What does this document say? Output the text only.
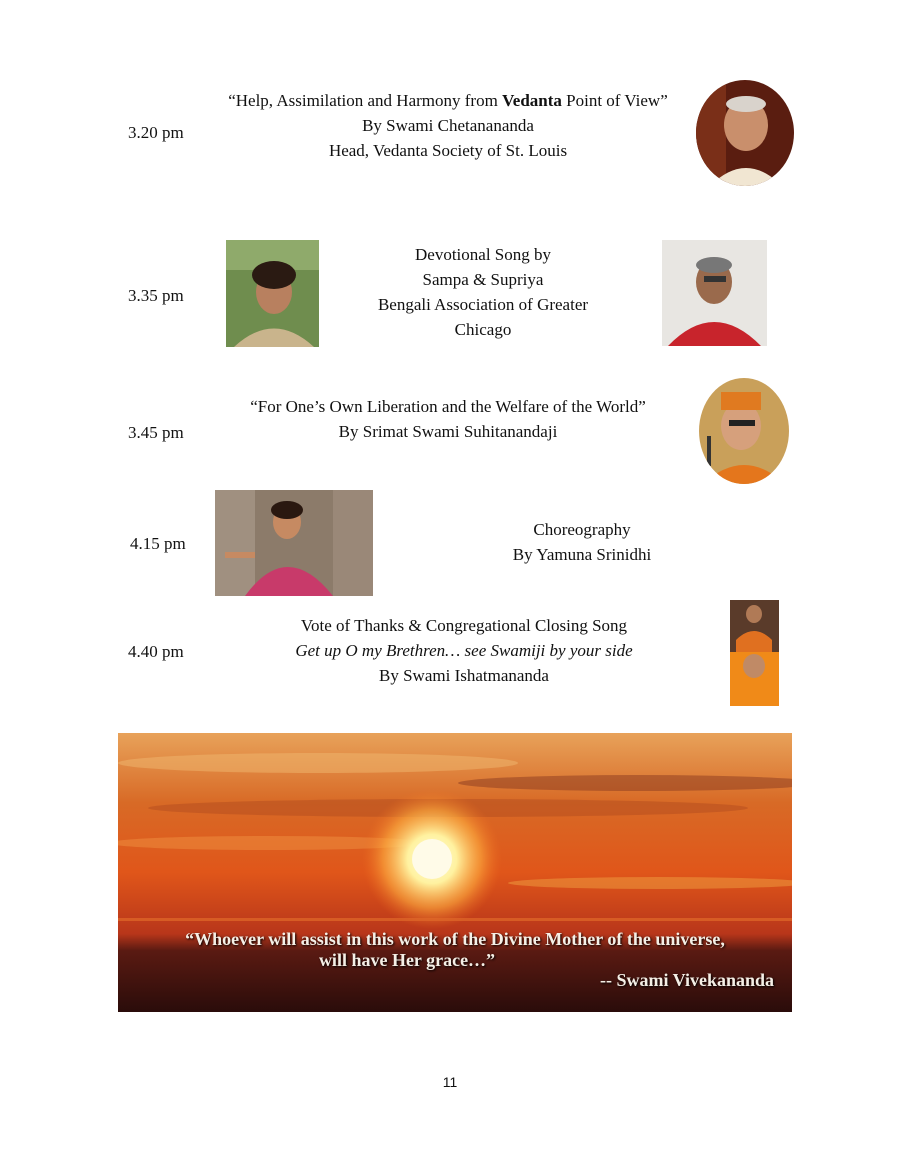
3.20 pm
“Help, Assimilation and Harmony from Vedanta Point of View”
By Swami Chetanananda
Head, Vedanta Society of St. Louis
3.35 pm
Devotional Song by
Sampa & Supriya
Bengali Association of Greater
Chicago
3.45 pm
“For One’s Own Liberation and the Welfare of the World”
By Srimat Swami Suhitanandaji
4.15 pm
Choreography
By Yamuna Srinidhi
4.40 pm
Vote of Thanks & Congregational Closing Song
Get up O my Brethren… see Swamiji by your side
By Swami Ishatmananda
“Whoever will assist in this work of the Divine Mother of the universe,
will have Her grace…”
-- Swami Vivekananda
11
